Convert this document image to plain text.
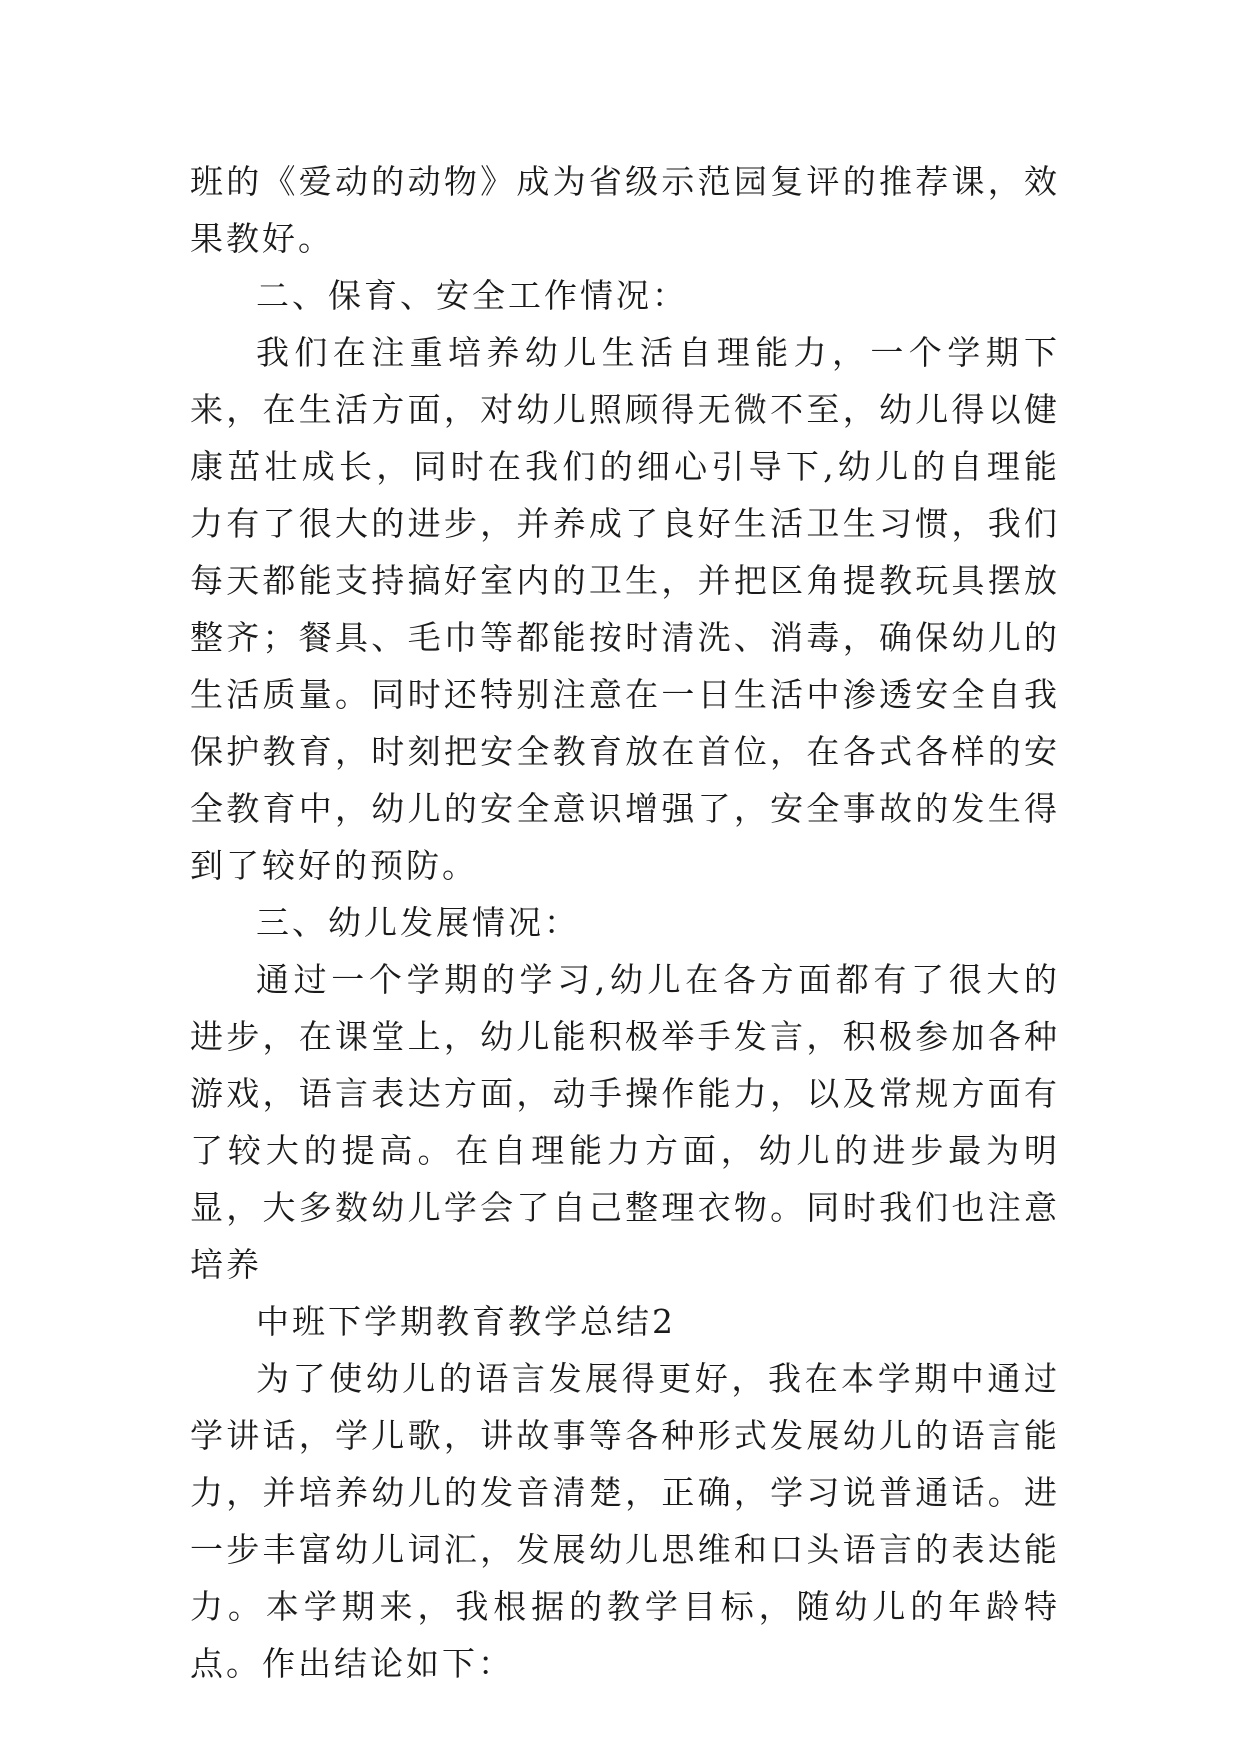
班的《爱动的动物》成为省级示范园复评的推荐课，效果教好。

二、保育、安全工作情况：

我们在注重培养幼儿生活自理能力，一个学期下来，在生活方面，对幼儿照顾得无微不至，幼儿得以健康茁壮成长，同时在我们的细心引导下,幼儿的自理能力有了很大的进步，并养成了良好生活卫生习惯，我们每天都能支持搞好室内的卫生，并把区角提教玩具摆放整齐；餐具、毛巾等都能按时清洗、消毒，确保幼儿的生活质量。同时还特别注意在一日生活中渗透安全自我保护教育，时刻把安全教育放在首位，在各式各样的安全教育中，幼儿的安全意识增强了，安全事故的发生得到了较好的预防。

三、幼儿发展情况：

通过一个学期的学习,幼儿在各方面都有了很大的进步，在课堂上，幼儿能积极举手发言，积极参加各种游戏，语言表达方面，动手操作能力，以及常规方面有了较大的提高。在自理能力方面，幼儿的进步最为明显，大多数幼儿学会了自己整理衣物。同时我们也注意培养

中班下学期教育教学总结2

为了使幼儿的语言发展得更好，我在本学期中通过学讲话，学儿歌，讲故事等各种形式发展幼儿的语言能力，并培养幼儿的发音清楚，正确，学习说普通话。进一步丰富幼儿词汇，发展幼儿思维和口头语言的表达能力。本学期来，我根据的教学目标，随幼儿的年龄特点。作出结论如下：
